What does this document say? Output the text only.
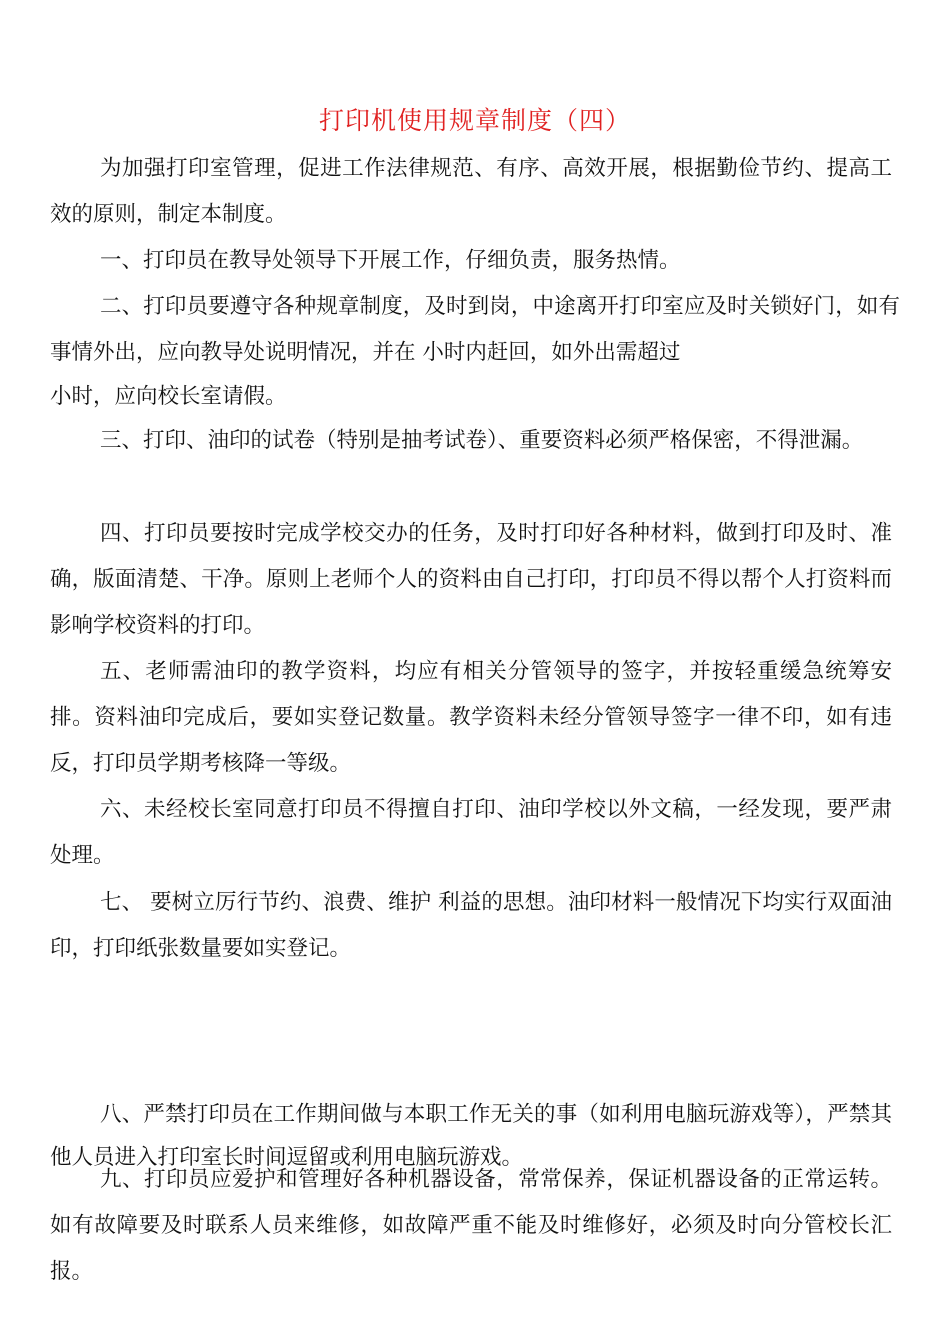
打印机使用规章制度（四）

为加强打印室管理，促进工作法律规范、有序、高效开展，根据勤俭节约、提高工效的原则，制定本制度。

一、打印员在教导处领导下开展工作，仔细负责，服务热情。

二、打印员要遵守各种规章制度，及时到岗，中途离开打印室应及时关锁好门，如有事情外出，应向教导处说明情况，并在 小时内赶回，如外出需超过

小时，应向校长室请假。

三、打印、油印的试卷（特别是抽考试卷）、重要资料必须严格保密，不得泄漏。

四、打印员要按时完成学校交办的任务，及时打印好各种材料，做到打印及时、准确，版面清楚、干净。原则上老师个人的资料由自己打印，打印员不得以帮个人打资料而影响学校资料的打印。

五、老师需油印的教学资料，均应有相关分管领导的签字，并按轻重缓急统筹安排。资料油印完成后，要如实登记数量。教学资料未经分管领导签字一律不印，如有违反，打印员学期考核降一等级。

六、未经校长室同意打印员不得擅自打印、油印学校以外文稿，一经发现，要严肃处理。

七、 要树立厉行节约、浪费、维护 利益的思想。油印材料一般情况下均实行双面油印，打印纸张数量要如实登记。

八、严禁打印员在工作期间做与本职工作无关的事（如利用电脑玩游戏等），严禁其他人员进入打印室长时间逗留或利用电脑玩游戏。

九、打印员应爱护和管理好各种机器设备，常常保养，保证机器设备的正常运转。如有故障要及时联系人员来维修，如故障严重不能及时维修好，必须及时向分管校长汇报。
